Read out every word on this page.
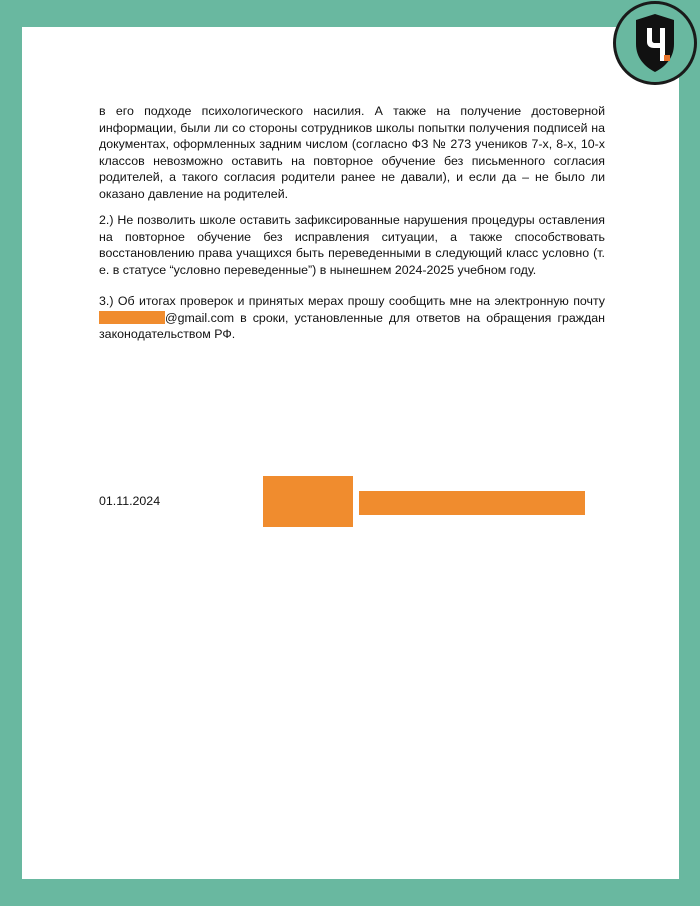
в его подходе психологического насилия. А также на получение достоверной информации, были ли со стороны сотрудников школы попытки получения подписей на документах, оформленных задним числом (согласно ФЗ № 273 учеников 7-х, 8-х, 10-х классов невозможно оставить на повторное обучение без письменного согласия родителей, а такого согласия родители ранее не давали), и если да – не было ли оказано давление на родителей.

2.) Не позволить школе оставить зафиксированные нарушения процедуры оставления на повторное обучение без исправления ситуации, а также способствовать восстановлению права учащихся быть переведенными в следующий класс условно (т. е. в статусе “условно переведенные”) в нынешнем 2024-2025 учебном году.

3.) Об итогах проверок и принятых мерах прошу сообщить мне на электронную почту @gmail.com в сроки, установленные для ответов на обращения граждан законодательством РФ.

01.11.2024
